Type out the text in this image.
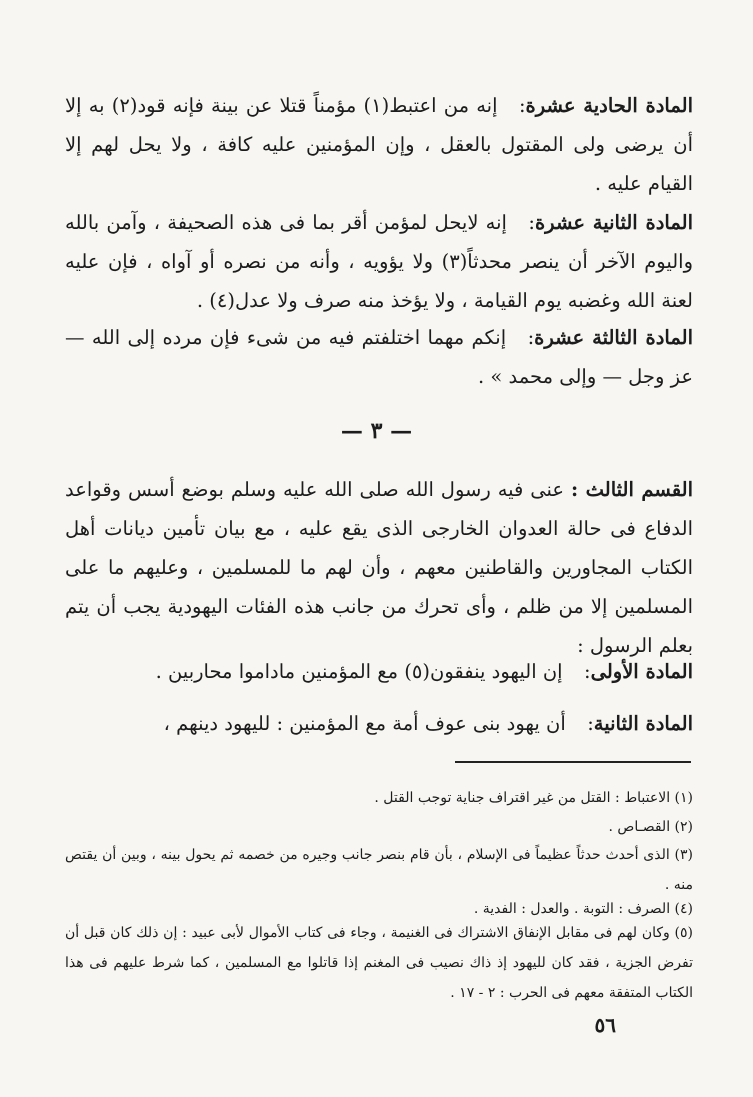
المادة الحادية عشرة:إنه من اعتبط(١) مؤمناً قتلا عن بينة فإنه قود(٢) به إلا أن يرضى ولى المقتول بالعقل ، وإن المؤمنين عليه كافة ، ولا يحل لهم إلا القيام عليه .
المادة الثانية عشرة:إنه لايحل لمؤمن أقر بما فى هذه الصحيفة ، وآمن بالله واليوم الآخر أن ينصر محدثاً(٣) ولا يؤويه ، وأنه من نصره أو آواه ، فإن عليه لعنة الله وغضبه يوم القيامة ، ولا يؤخذ منه صرف ولا عدل(٤) .
المادة الثالثة عشرة:إنكم مهما اختلفتم فيه من شىء فإن مرده إلى الله — عز وجل — وإلى محمد » .
— ٣ —
القسم الثالث : عنى فيه رسول الله صلى الله عليه وسلم بوضع أسس وقواعد الدفاع فى حالة العدوان الخارجى الذى يقع عليه ، مع بيان تأمين ديانات أهل الكتاب المجاورين والقاطنين معهم ، وأن لهم ما للمسلمين ، وعليهم ما على المسلمين إلا من ظلم ، وأى تحرك من جانب هذه الفئات اليهودية يجب أن يتم بعلم الرسول :
المادة الأولى:إن اليهود ينفقون(٥) مع المؤمنين ماداموا محاربين .
المادة الثانية:أن يهود بنى عوف أمة مع المؤمنين : لليهود دينهم ،
(١) الاعتباط : القتل من غير اقتراف جناية توجب القتل .
(٢) القصـاص .
(٣) الذى أحدث حدثاً عظيماً فى الإسلام ، بأن قام بنصر جانب وجيره من خصمه ثم يحول بينه ، وبين أن يقتص منه .
(٤) الصرف : التوبة . والعدل : الفدية .
(٥) وكان لهم فى مقابل الإنفاق الاشتراك فى الغنيمة ، وجاء فى كتاب الأموال لأبى عبيد : إن ذلك كان قبل أن تفرض الجزية ، فقد كان لليهود إذ ذاك نصيب فى المغنم إذا قاتلوا مع المسلمين ، كما شرط عليهم فى هذا الكتاب المتفقة معهم فى الحرب : ٢ - ١٧ .
٥٦
